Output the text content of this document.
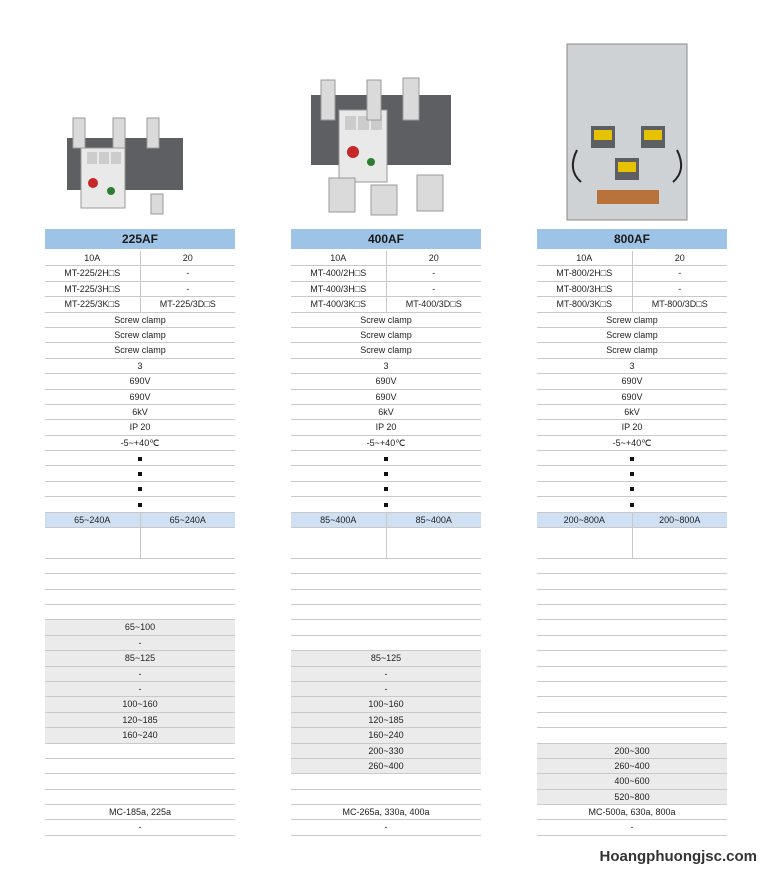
225AF
10A	20
MT-225/2H□S	-
MT-225/3H□S	-
MT-225/3K□S	MT-225/3D□S
Screw clamp
Screw clamp
Screw clamp
3
690V
690V
6kV
IP 20
-5~+40℃
65~240A	65~240A
65~100
-
85~125
-
-
100~160
120~185
160~240
MC-185a, 225a
-
400AF
10A	20
MT-400/2H□S	-
MT-400/3H□S	-
MT-400/3K□S	MT-400/3D□S
Screw clamp
Screw clamp
Screw clamp
3
690V
690V
6kV
IP 20
-5~+40℃
85~400A	85~400A
85~125
-
-
100~160
120~185
160~240
200~330
260~400
MC-265a, 330a, 400a
-
800AF
10A	20
MT-800/2H□S	-
MT-800/3H□S	-
MT-800/3K□S	MT-800/3D□S
Screw clamp
Screw clamp
Screw clamp
3
690V
690V
6kV
IP 20
-5~+40℃
200~800A	200~800A
200~300
260~400
400~600
520~800
MC-500a, 630a, 800a
-
Hoangphuongjsc.com
